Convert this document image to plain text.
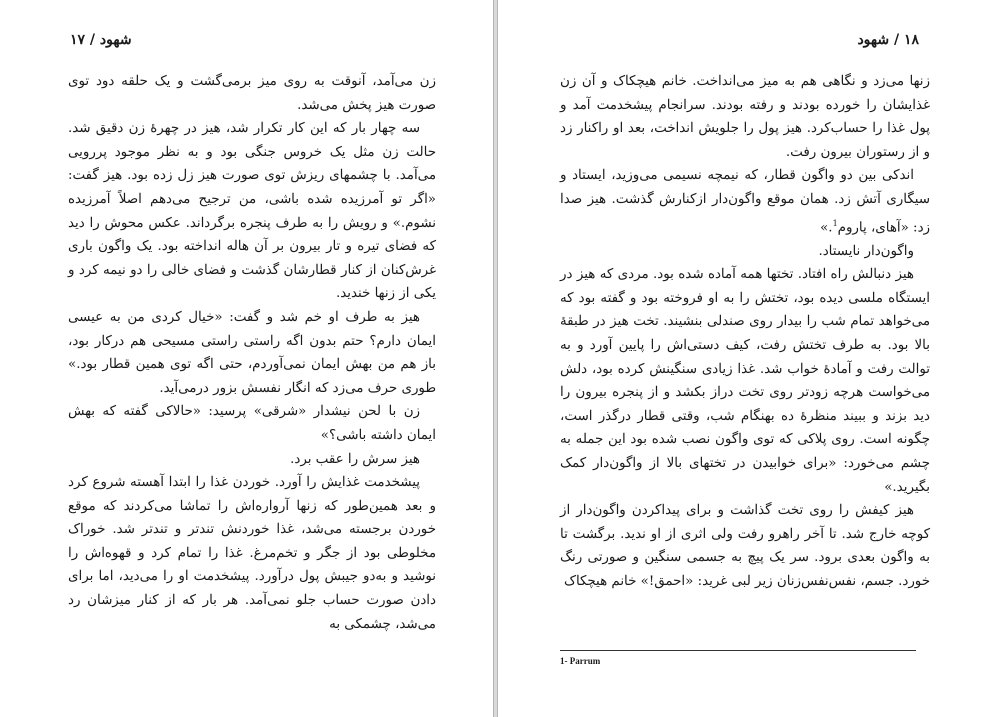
شهود / ۱۷

زن می‌آمد، آنوقت به روی میز برمی‌گشت و یک حلقه دود توی صورت هیز پخش می‌شد.

سه چهار بار که این کار تکرار شد، هیز در چهرهٔ زن دقیق شد. حالت زن مثل یک خروس جنگی بود و به نظر موجود پررویی می‌آمد. با چشمهای ریزش توی صورت هیز زل زده بود. هیز گفت: «اگر تو آمرزیده شده باشی، من ترجیح می‌دهم اصلاً آمرزیده نشوم.» و رویش را به طرف پنجره برگرداند. عکس محوش را دید که فضای تیره و تار بیرون بر آن هاله انداخته بود. یک واگون باری غرش‌کنان از کنار قطارشان گذشت و فضای خالی را دو نیمه کرد و یکی از زنها خندید.

هیز به طرف او خم شد و گفت: «خیال کردی من به عیسی ایمان دارم؟ حتم بدون اگه راستی راستی مسیحی هم درکار بود، باز هم من بهش ایمان نمی‌آوردم، حتی اگه توی همین قطار بود.» طوری حرف می‌زد که انگار نفسش بزور درمی‌آید.

زن با لحن نیشدار «شرقی» پرسید: «حالاکی گفته که بهش ایمان داشته باشی؟»

هیز سرش را عقب برد.

پیشخدمت غذایش را آورد. خوردن غذا را ابتدا آهسته شروع کرد و بعد همین‌طور که زنها آرواره‌اش را تماشا می‌کردند که موقع خوردن برجسته می‌شد، غذا خوردنش تندتر و تندتر شد. خوراک مخلوطی بود از جگر و تخم‌مرغ. غذا را تمام کرد و قهوه‌اش را نوشید و به‌دو جیبش پول درآورد. پیشخدمت او را می‌دید، اما برای دادن صورت حساب جلو نمی‌آمد. هر بار که از کنار میزشان رد می‌شد، چشمکی به

۱۸ / شهود

زنها می‌زد و نگاهی هم به میز می‌انداخت. خانم هیچکاک و آن زن غذایشان را خورده بودند و رفته بودند. سرانجام پیشخدمت آمد و پول غذا را حساب‌کرد. هیز پول را جلویش انداخت، بعد او راکنار زد و از رستوران بیرون رفت.

اندکی بین دو واگون قطار، که نیمچه نسیمی می‌وزید، ایستاد و سیگاری آتش زد. همان موقع واگون‌دار ازکنارش گذشت. هیز صدا زد: «آهای، پاروم$^1$.»

واگون‌دار نایستاد.

هیز دنبالش راه افتاد. تختها همه آماده شده بود. مردی که هیز در ایستگاه ملسی دیده بود، تختش را به او فروخته بود و گفته بود که می‌خواهد تمام شب را بیدار روی صندلی بنشیند. تخت هیز در طبقهٔ بالا بود. به طرف تختش رفت، کیف دستی‌اش را پایین آورد و به توالت رفت و آمادهٔ خواب شد. غذا زیادی سنگینش کرده بود، دلش می‌خواست هرچه زودتر روی تخت دراز بکشد و از پنجره بیرون را دید بزند و ببیند منظرهٔ ده بهنگام شب، وقتی قطار درگذر است، چگونه است. روی پلاکی که توی واگون نصب شده بود این جمله به چشم می‌خورد: «برای خوابیدن در تختهای بالا از واگون‌دار کمک بگیرید.»

هیز کیفش را روی تخت گذاشت و برای پیداکردن واگون‌دار از کوچه خارج شد. تا آخر راهرو رفت ولی اثری از او ندید. برگشت تا به واگون بعدی برود. سر یک پیچ به جسمی سنگین و صورتی رنگ خورد. جسم، نفس‌نفس‌زنان زیر لبی غرید: «احمق!» خانم هیچکاک

1- Parrum
